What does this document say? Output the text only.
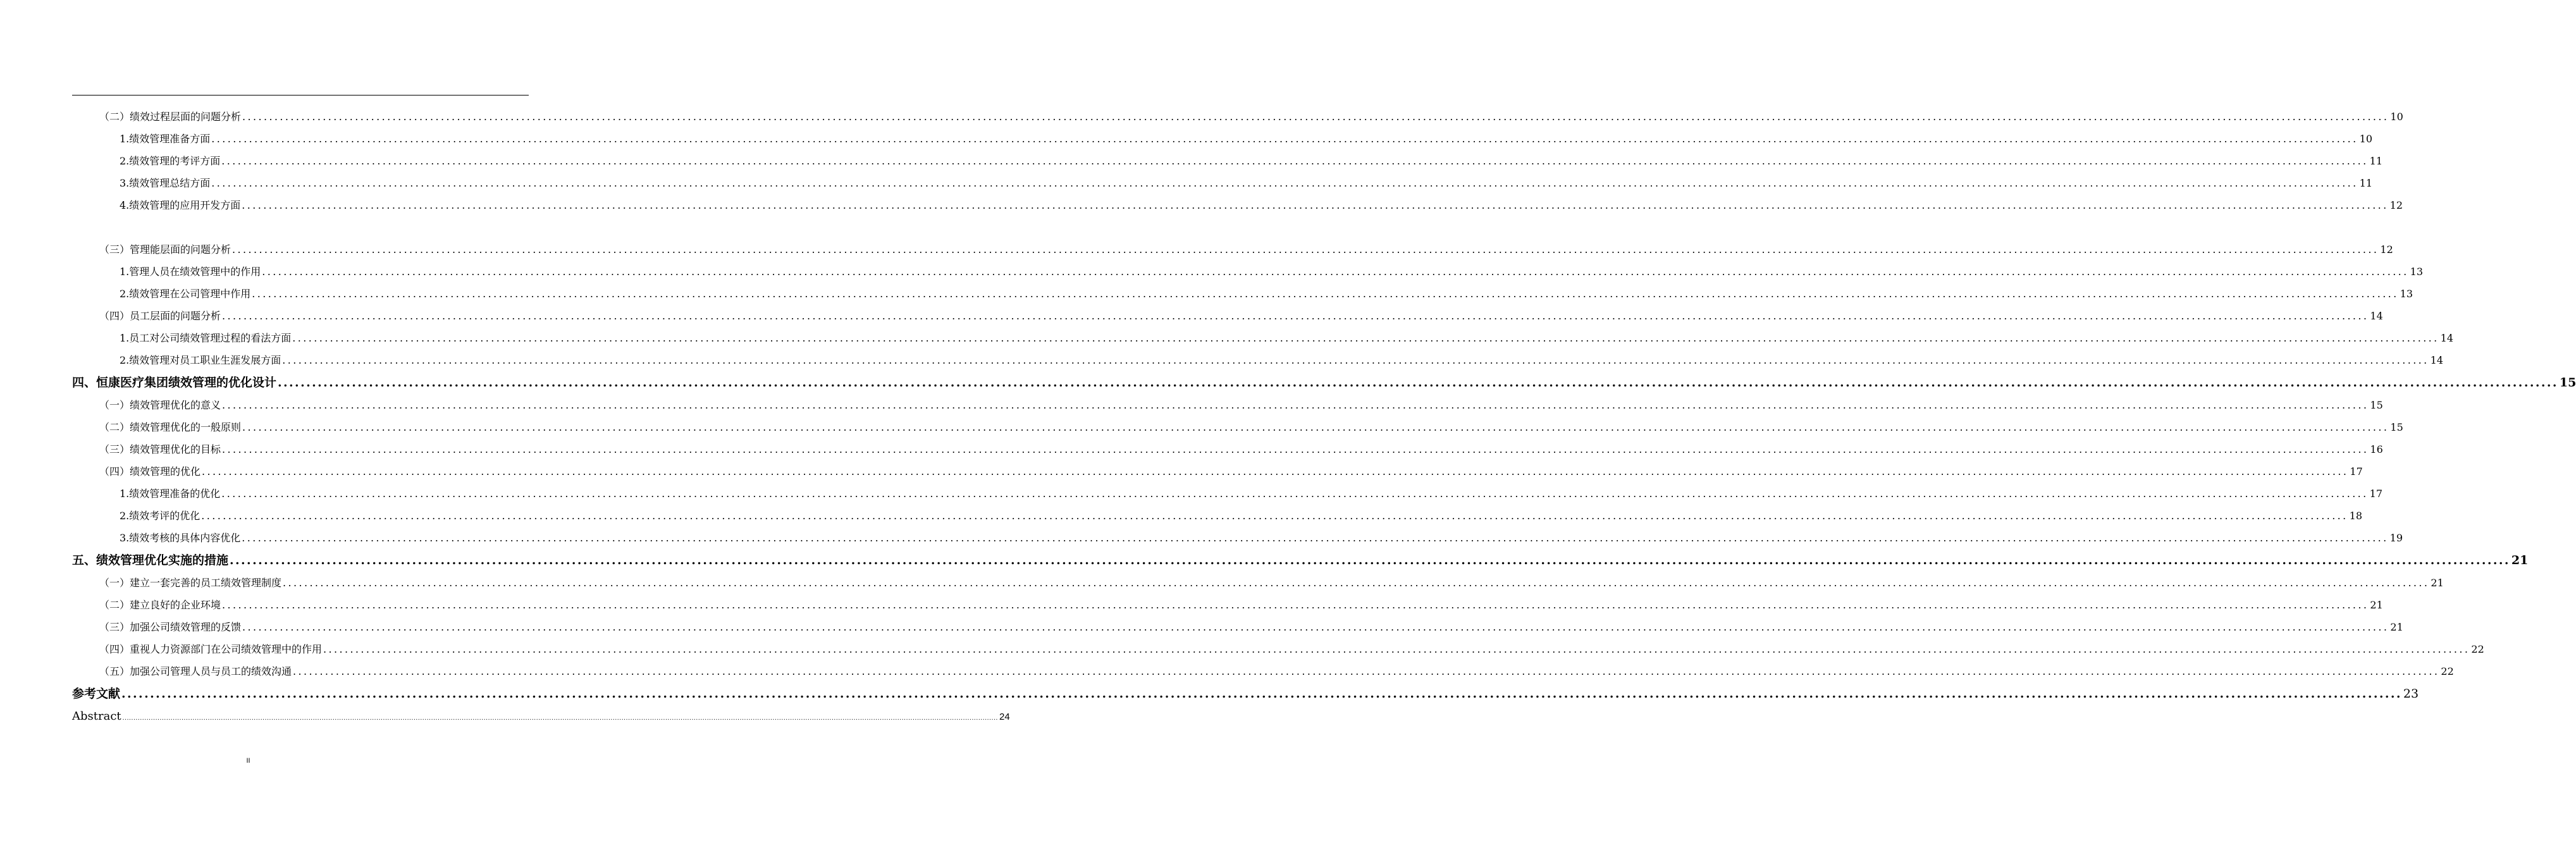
（二）绩效过程层面的问题分析 ................................................................................................................................................................................................................................................................................................................................................................................................................ 10
1.绩效管理准备方面 ................................................................................................................................................................................................................................................................................................................................................................................................................ 10
2.绩效管理的考评方面 ................................................................................................................................................................................................................................................................................................................................................................................................................ 11
3.绩效管理总结方面 ................................................................................................................................................................................................................................................................................................................................................................................................................ 11
4.绩效管理的应用开发方面 ................................................................................................................................................................................................................................................................................................................................................................................................................ 12
（三）管理能层面的问题分析 ................................................................................................................................................................................................................................................................................................................................................................................................................ 12
1.管理人员在绩效管理中的作用 ................................................................................................................................................................................................................................................................................................................................................................................................................ 13
2.绩效管理在公司管理中作用 ................................................................................................................................................................................................................................................................................................................................................................................................................ 13
（四）员工层面的问题分析 ................................................................................................................................................................................................................................................................................................................................................................................................................ 14
1.员工对公司绩效管理过程的看法方面 ................................................................................................................................................................................................................................................................................................................................................................................................................ 14
2.绩效管理对员工职业生涯发展方面 ................................................................................................................................................................................................................................................................................................................................................................................................................ 14
四、恒康医疗集团绩效管理的优化设计 ................................................................................................................................................................................................................................................................................................................................................................................................................ 15
（一）绩效管理优化的意义 ................................................................................................................................................................................................................................................................................................................................................................................................................ 15
（二）绩效管理优化的一般原则 ................................................................................................................................................................................................................................................................................................................................................................................................................ 15
（三）绩效管理优化的目标 ................................................................................................................................................................................................................................................................................................................................................................................................................ 16
（四）绩效管理的优化 ................................................................................................................................................................................................................................................................................................................................................................................................................ 17
1.绩效管理准备的优化 ................................................................................................................................................................................................................................................................................................................................................................................................................ 17
2.绩效考评的优化 ................................................................................................................................................................................................................................................................................................................................................................................................................ 18
3.绩效考核的具体内容优化 ................................................................................................................................................................................................................................................................................................................................................................................................................ 19
五、绩效管理优化实施的措施 ................................................................................................................................................................................................................................................................................................................................................................................................................ 21
（一）建立一套完善的员工绩效管理制度 ................................................................................................................................................................................................................................................................................................................................................................................................................ 21
（二）建立良好的企业环境 ................................................................................................................................................................................................................................................................................................................................................................................................................ 21
（三）加强公司绩效管理的反馈 ................................................................................................................................................................................................................................................................................................................................................................................................................ 21
（四）重视人力资源部门在公司绩效管理中的作用 ................................................................................................................................................................................................................................................................................................................................................................................................................ 22
（五）加强公司管理人员与员工的绩效沟通 ................................................................................................................................................................................................................................................................................................................................................................................................................ 22
参考文献 ................................................................................................................................................................................................................................................................................................................................................................................................................ 23
Abstract ................................................................................................................................................................................................................................................................................................................................................................................................................ 24
II
